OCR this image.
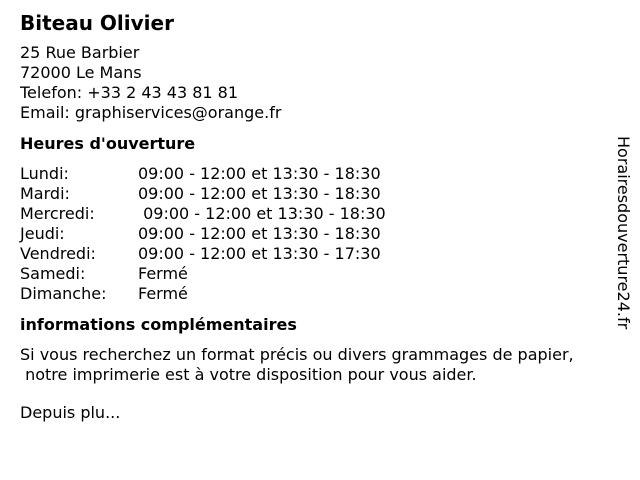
Biteau Olivier
25 Rue Barbier
72000 Le Mans
Telefon: +33 2 43 43 81 81
Email: graphiservices@orange.fr
Heures d'ouverture
Lundi:	09:00 - 12:00 et 13:30 - 18:30
Mardi:	09:00 - 12:00 et 13:30 - 18:30
Mercredi:	09:00 - 12:00 et 13:30 - 18:30
Jeudi:	09:00 - 12:00 et 13:30 - 18:30
Vendredi:	09:00 - 12:00 et 13:30 - 17:30
Samedi:	Fermé
Dimanche:	Fermé
informations complémentaires
Si vous recherchez un format précis ou divers grammages de papier,
notre imprimerie est à votre disposition pour vous aider.
Depuis plu...
Horairesdouverture24.fr
